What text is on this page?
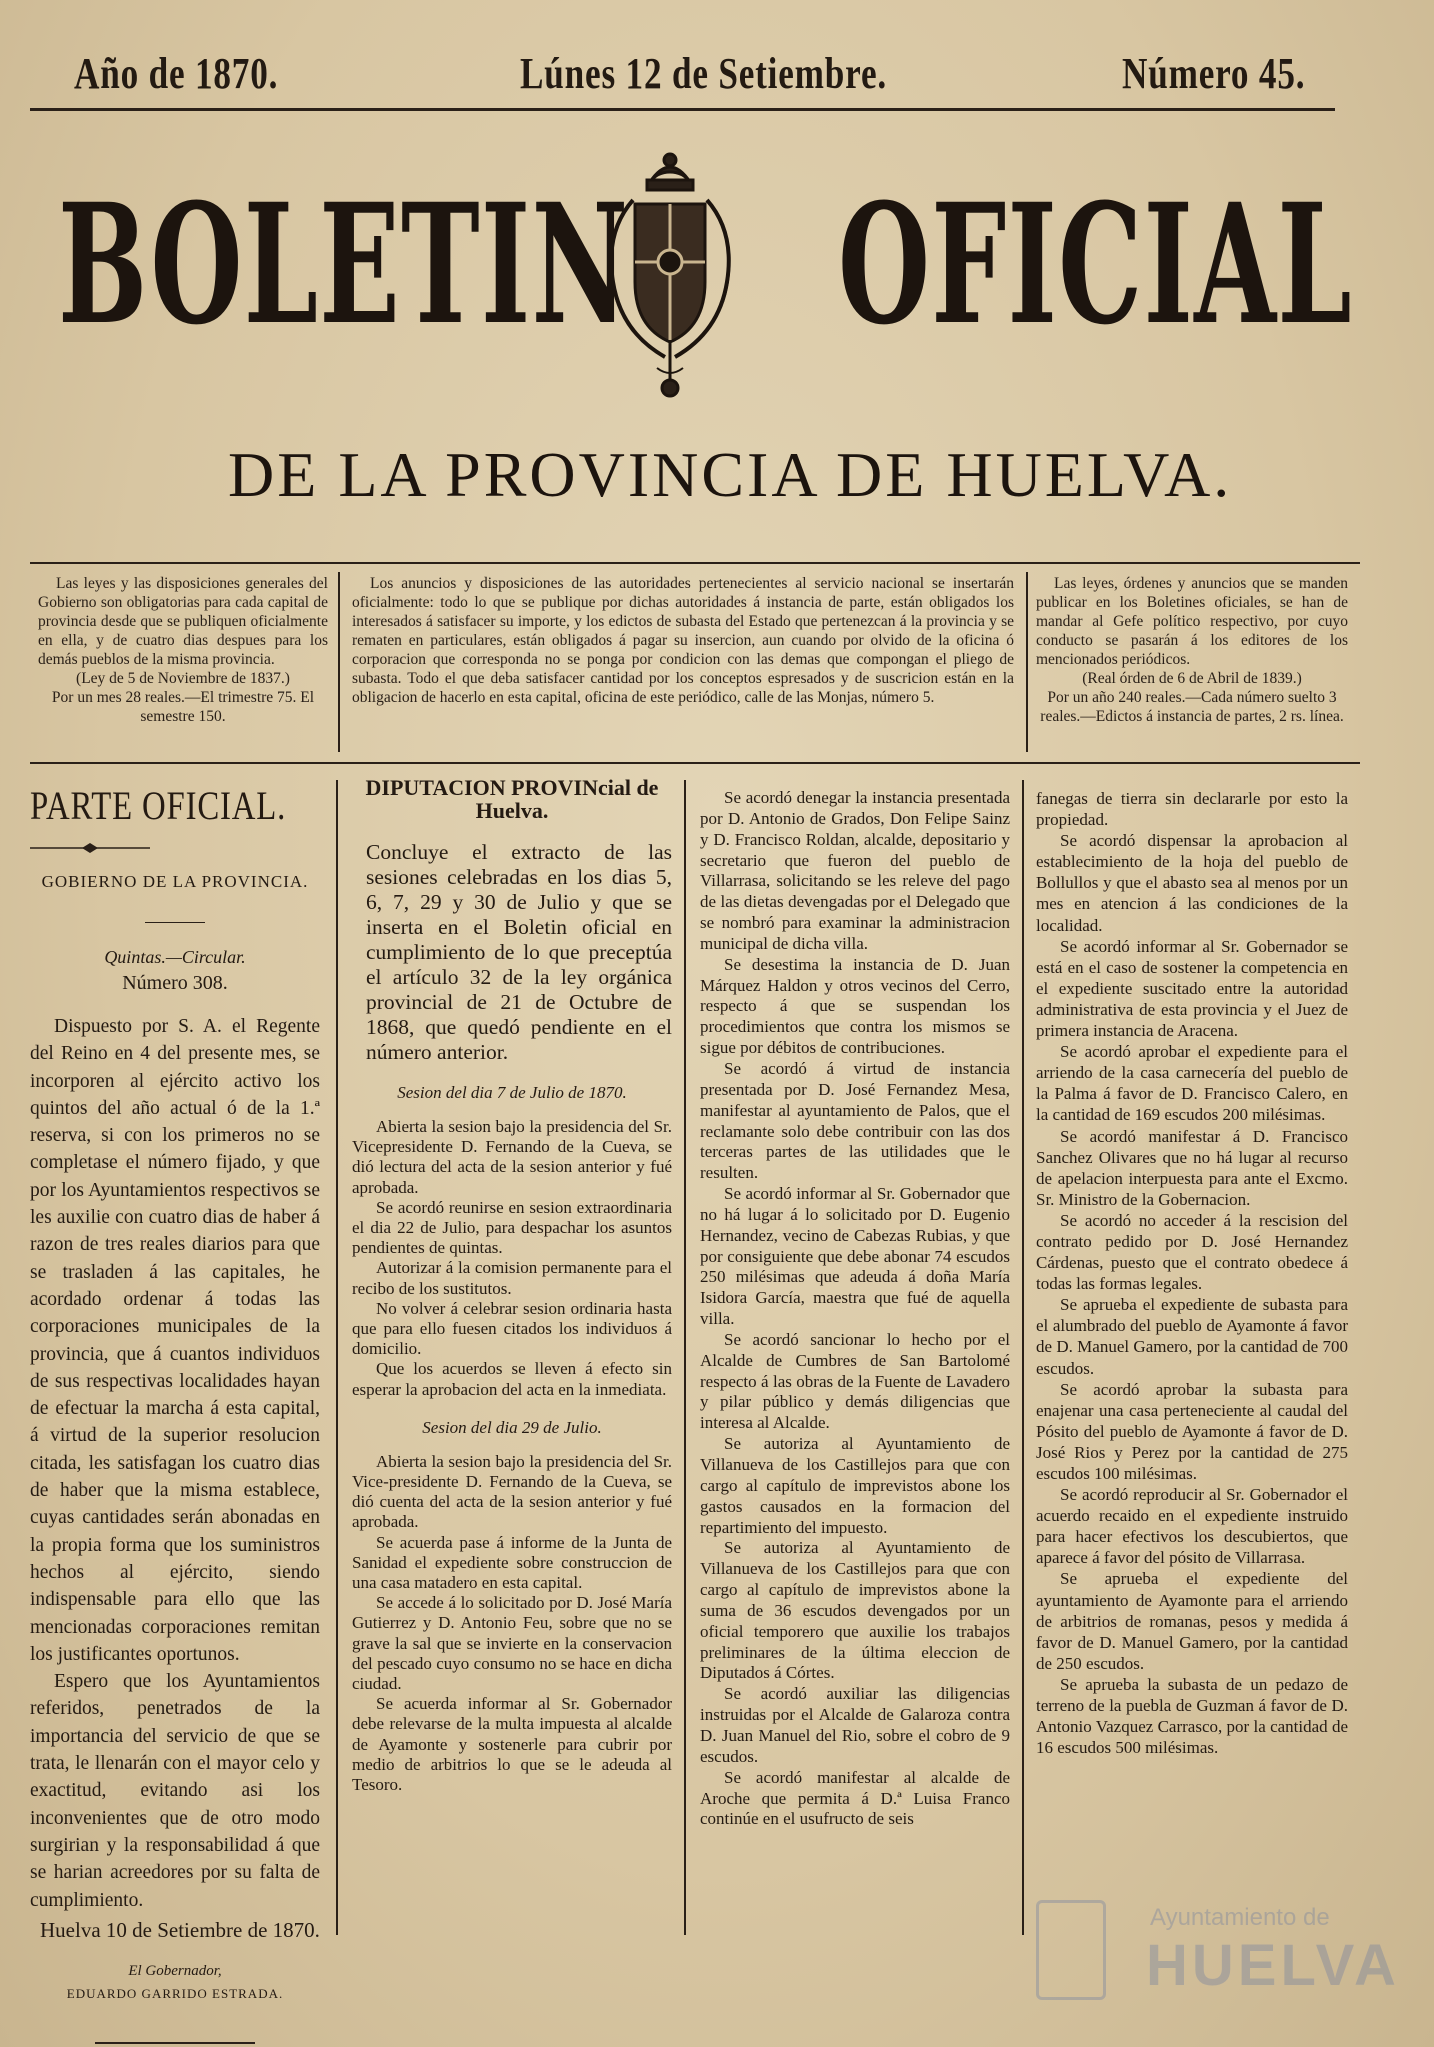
Año de 1870.	Lúnes 12 de Setiembre.	Número 45.
BOLETIN OFICIAL
DE LA PROVINCIA DE HUELVA.

Las leyes y las disposiciones generales del Gobierno son obligatorias para cada capital de provincia desde que se publiquen oficialmente en ella, y de cuatro dias despues para los demás pueblos de la misma provincia.

(Ley de 5 de Noviembre de 1837.)

Por un mes 28 reales.—El trimestre 75. El semestre 150.

Los anuncios y disposiciones de las autoridades pertenecientes al servicio nacional se insertarán oficialmente: todo lo que se publique por dichas autoridades á instancia de parte, están obligados los interesados á satisfacer su importe, y los edictos de subasta del Estado que pertenezcan á la provincia y se rematen en particulares, están obligados á pagar su insercion, aun cuando por olvido de la oficina ó corporacion que corresponda no se ponga por condicion con las demas que compongan el pliego de subasta. Todo el que deba satisfacer cantidad por los conceptos espresados y de suscricion están en la obligacion de hacerlo en esta capital, oficina de este periódico, calle de las Monjas, número 5.

Las leyes, órdenes y anuncios que se manden publicar en los Boletines oficiales, se han de mandar al Gefe político respectivo, por cuyo conducto se pasarán á los editores de los mencionados periódicos.

(Real órden de 6 de Abril de 1839.)

Por un año 240 reales.—Cada número suelto 3 reales.—Edictos á instancia de partes, 2 rs. línea.

PARTE OFICIAL.
GOBIERNO DE LA PROVINCIA.
Quintas.—Circular.
Número 308.

Dispuesto por S. A. el Regente del Reino en 4 del presente mes, se incorporen al ejército activo los quintos del año actual ó de la 1.ª reserva, si con los primeros no se completase el número fijado, y que por los Ayuntamientos respectivos se les auxilie con cuatro dias de haber á razon de tres reales diarios para que se trasladen á las capitales, he acordado ordenar á todas las corporaciones municipales de la provincia, que á cuantos individuos de sus respectivas localidades hayan de efectuar la marcha á esta capital, á virtud de la superior resolucion citada, les satisfagan los cuatro dias de haber que la misma establece, cuyas cantidades serán abonadas en la propia forma que los suministros hechos al ejército, siendo indispensable para ello que las mencionadas corporaciones remitan los justificantes oportunos.

Espero que los Ayuntamientos referidos, penetrados de la importancia del servicio de que se trata, le llenarán con el mayor celo y exactitud, evitando asi los inconvenientes que de otro modo surgirian y la responsabilidad á que se harian acreedores por su falta de cumplimiento.

Huelva 10 de Setiembre de 1870.

El Gobernador,
EDUARDO GARRIDO ESTRADA.
DIPUTACION PROVINcial de Huelva.

Concluye el extracto de las sesiones celebradas en los dias 5, 6, 7, 29 y 30 de Julio y que se inserta en el Boletin oficial en cumplimiento de lo que preceptúa el artículo 32 de la ley orgánica provincial de 21 de Octubre de 1868, que quedó pendiente en el número anterior.

Sesion del dia 7 de Julio de 1870.

Abierta la sesion bajo la presidencia del Sr. Vicepresidente D. Fernando de la Cueva, se dió lectura del acta de la sesion anterior y fué aprobada.

Se acordó reunirse en sesion extraordinaria el dia 22 de Julio, para despachar los asuntos pendientes de quintas.

Autorizar á la comision permanente para el recibo de los sustitutos.

No volver á celebrar sesion ordinaria hasta que para ello fuesen citados los individuos á domicilio.

Que los acuerdos se lleven á efecto sin esperar la aprobacion del acta en la inmediata.

Sesion del dia 29 de Julio.

Abierta la sesion bajo la presidencia del Sr. Vice-presidente D. Fernando de la Cueva, se dió cuenta del acta de la sesion anterior y fué aprobada.

Se acuerda pase á informe de la Junta de Sanidad el expediente sobre construccion de una casa matadero en esta capital.

Se accede á lo solicitado por D. José María Gutierrez y D. Antonio Feu, sobre que no se grave la sal que se invierte en la conservacion del pescado cuyo consumo no se hace en dicha ciudad.

Se acuerda informar al Sr. Gobernador debe relevarse de la multa impuesta al alcalde de Ayamonte y sostenerle para cubrir por medio de arbitrios lo que se le adeuda al Tesoro.

Se acordó denegar la instancia presentada por D. Antonio de Grados, Don Felipe Sainz y D. Francisco Roldan, alcalde, depositario y secretario que fueron del pueblo de Villarrasa, solicitando se les releve del pago de las dietas devengadas por el Delegado que se nombró para examinar la administracion municipal de dicha villa.

Se desestima la instancia de D. Juan Márquez Haldon y otros vecinos del Cerro, respecto á que se suspendan los procedimientos que contra los mismos se sigue por débitos de contribuciones.

Se acordó á virtud de instancia presentada por D. José Fernandez Mesa, manifestar al ayuntamiento de Palos, que el reclamante solo debe contribuir con las dos terceras partes de las utilidades que le resulten.

Se acordó informar al Sr. Gobernador que no há lugar á lo solicitado por D. Eugenio Hernandez, vecino de Cabezas Rubias, y que por consiguiente que debe abonar 74 escudos 250 milésimas que adeuda á doña María Isidora García, maestra que fué de aquella villa.

Se acordó sancionar lo hecho por el Alcalde de Cumbres de San Bartolomé respecto á las obras de la Fuente de Lavadero y pilar público y demás diligencias que interesa al Alcalde.

Se autoriza al Ayuntamiento de Villanueva de los Castillejos para que con cargo al capítulo de imprevistos abone los gastos causados en la formacion del repartimiento del impuesto.

Se autoriza al Ayuntamiento de Villanueva de los Castillejos para que con cargo al capítulo de imprevistos abone la suma de 36 escudos devengados por un oficial temporero que auxilie los trabajos preliminares de la última eleccion de Diputados á Córtes.

Se acordó auxiliar las diligencias instruidas por el Alcalde de Galaroza contra D. Juan Manuel del Rio, sobre el cobro de 9 escudos.

Se acordó manifestar al alcalde de Aroche que permita á D.ª Luisa Franco continúe en el usufructo de seis

fanegas de tierra sin declararle por esto la propiedad.

Se acordó dispensar la aprobacion al establecimiento de la hoja del pueblo de Bollullos y que el abasto sea al menos por un mes en atencion á las condiciones de la localidad.

Se acordó informar al Sr. Gobernador se está en el caso de sostener la competencia en el expediente suscitado entre la autoridad administrativa de esta provincia y el Juez de primera instancia de Aracena.

Se acordó aprobar el expediente para el arriendo de la casa carnecería del pueblo de la Palma á favor de D. Francisco Calero, en la cantidad de 169 escudos 200 milésimas.

Se acordó manifestar á D. Francisco Sanchez Olivares que no há lugar al recurso de apelacion interpuesta para ante el Excmo. Sr. Ministro de la Gobernacion.

Se acordó no acceder á la rescision del contrato pedido por D. José Hernandez Cárdenas, puesto que el contrato obedece á todas las formas legales.

Se aprueba el expediente de subasta para el alumbrado del pueblo de Ayamonte á favor de D. Manuel Gamero, por la cantidad de 700 escudos.

Se acordó aprobar la subasta para enajenar una casa perteneciente al caudal del Pósito del pueblo de Ayamonte á favor de D. José Rios y Perez por la cantidad de 275 escudos 100 milésimas.

Se acordó reproducir al Sr. Gobernador el acuerdo recaido en el expediente instruido para hacer efectivos los descubiertos, que aparece á favor del pósito de Villarrasa.

Se aprueba el expediente del ayuntamiento de Ayamonte para el arriendo de arbitrios de romanas, pesos y medida á favor de D. Manuel Gamero, por la cantidad de 250 escudos.

Se aprueba la subasta de un pedazo de terreno de la puebla de Guzman á favor de D. Antonio Vazquez Carrasco, por la cantidad de 16 escudos 500 milésimas.

Ayuntamiento de
HUELVA
